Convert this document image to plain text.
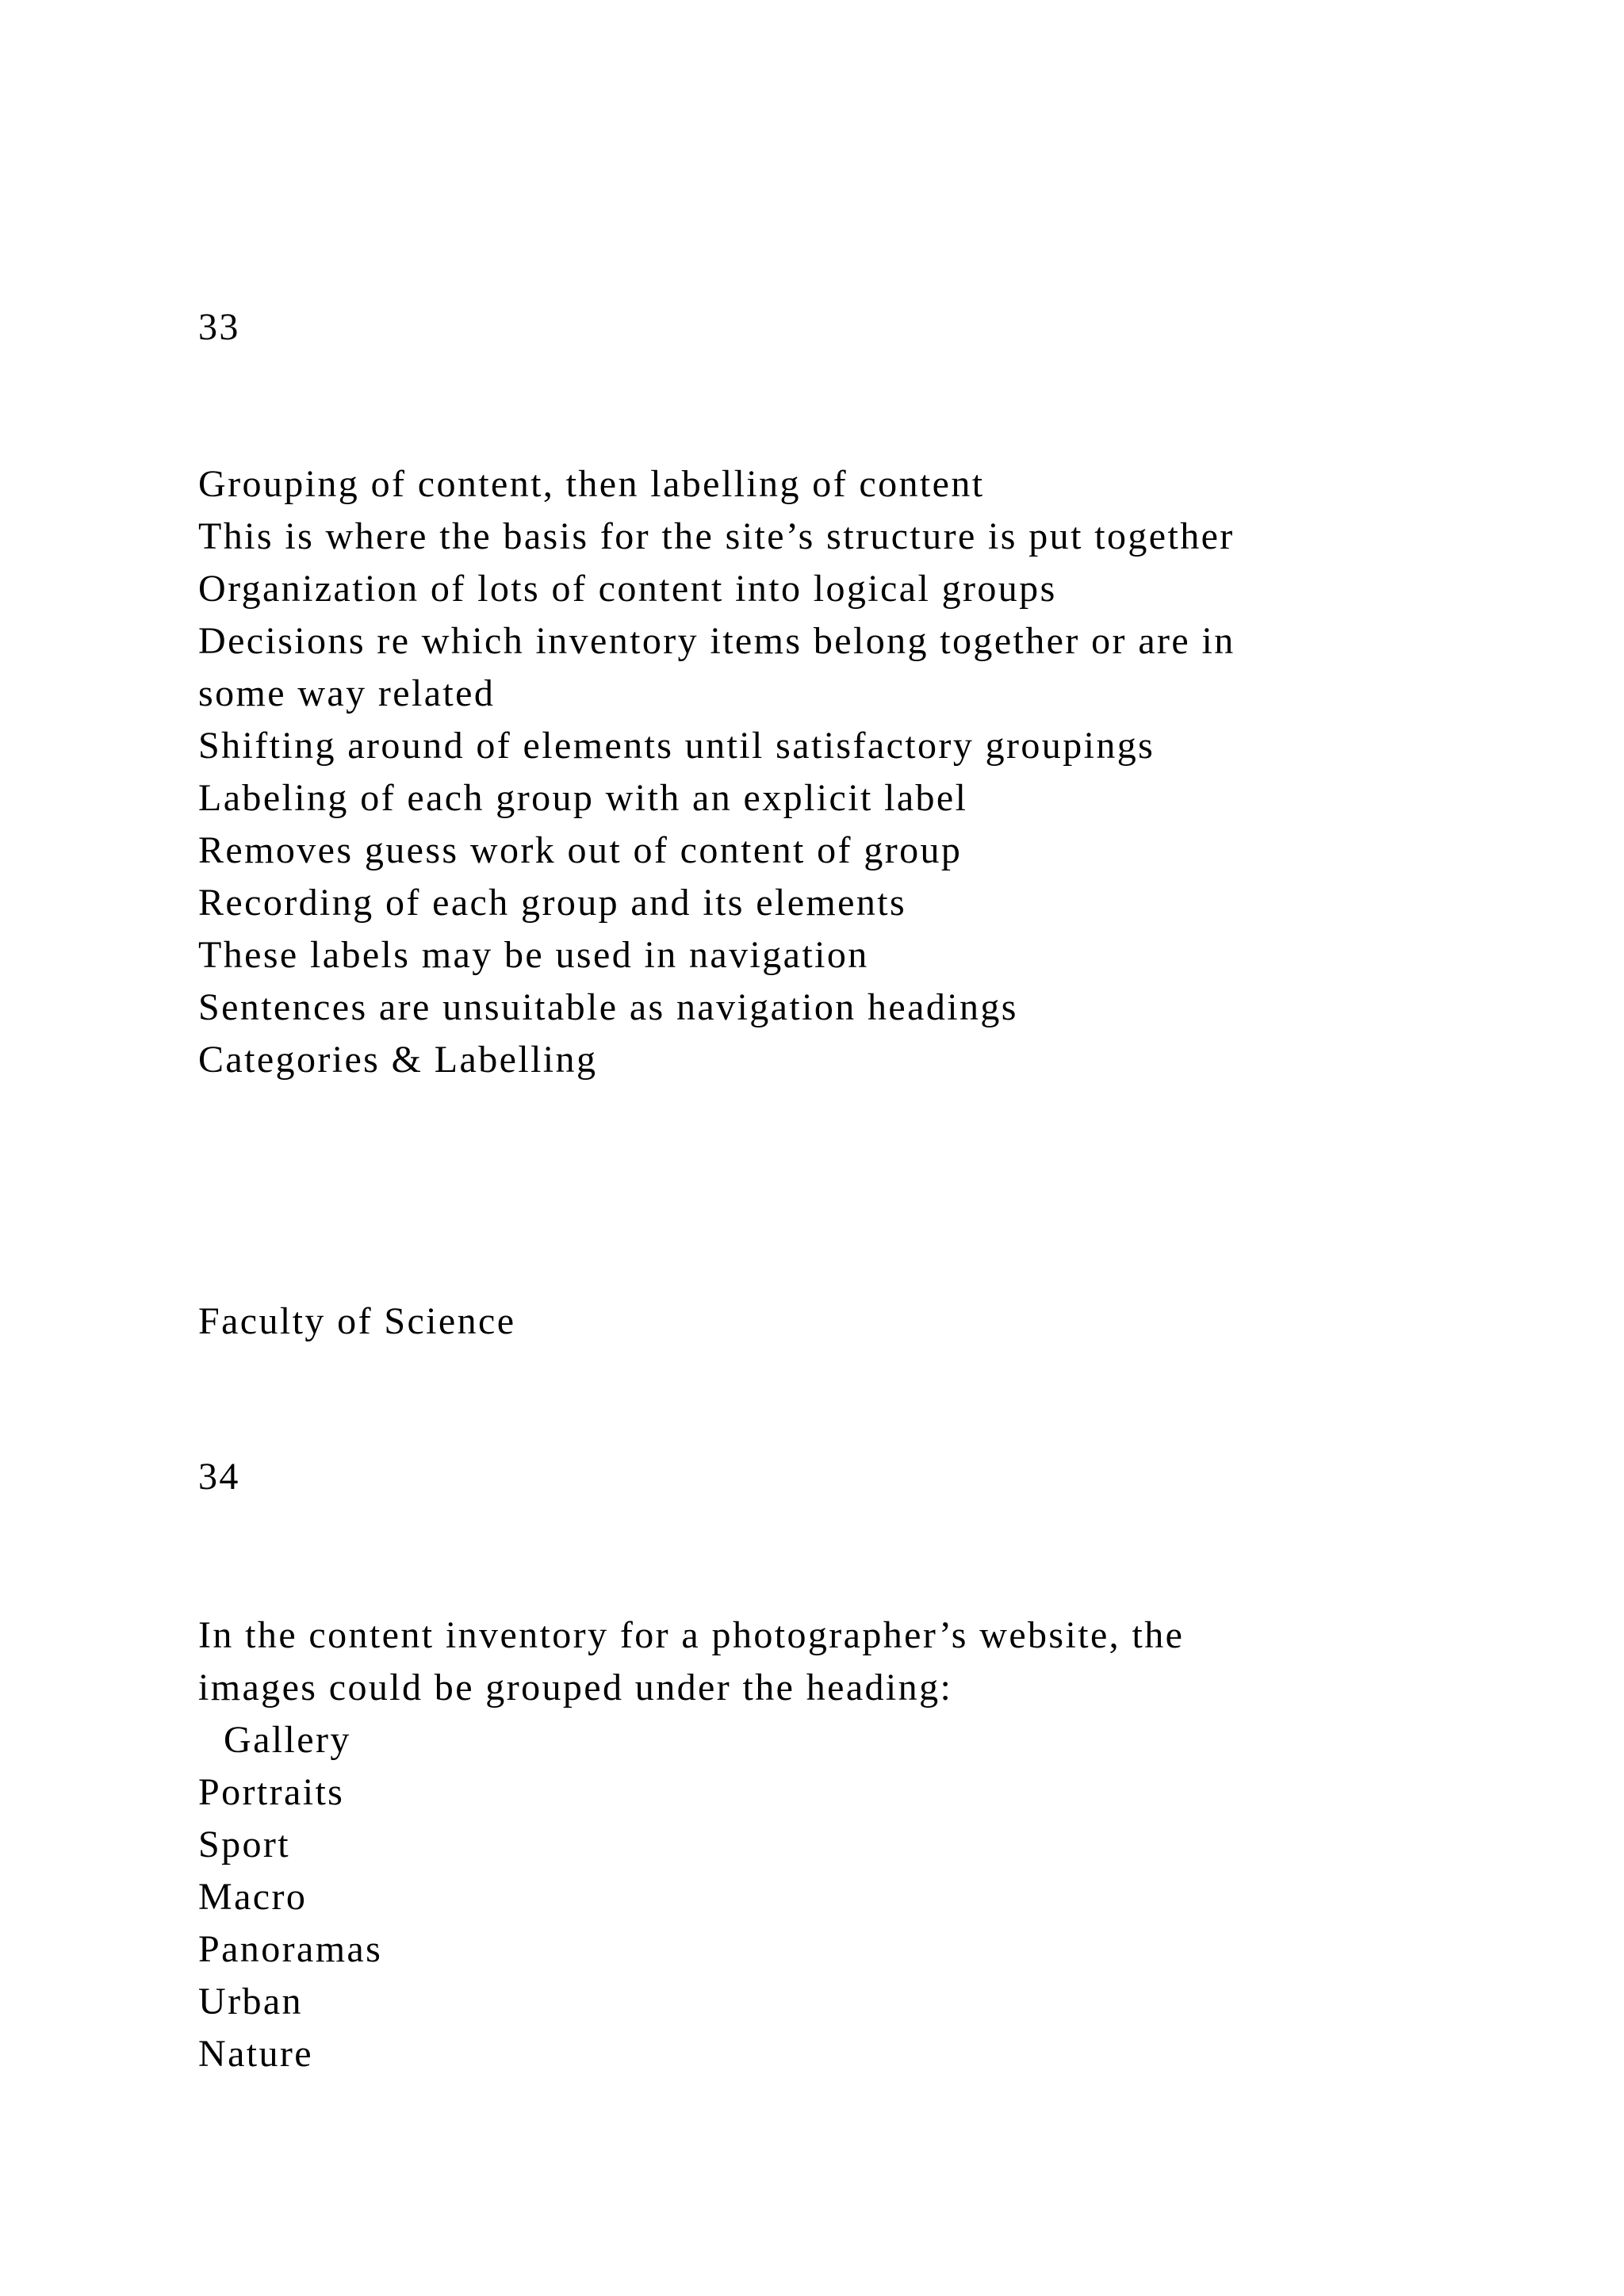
33
Grouping of content, then labelling of content
This is where the basis for the site’s structure is put together
Organization of lots of content into logical groups
Decisions re which inventory items belong together or are in
some way related
Shifting around of elements until satisfactory groupings
Labeling of each group with an explicit label
Removes guess work out of content of group
Recording of each group and its elements
These labels may be used in navigation
Sentences are unsuitable as navigation headings
Categories & Labelling
Faculty of Science
34
In the content inventory for a photographer’s website, the
images could be grouped under the heading:
Gallery
Portraits
Sport
Macro
Panoramas
Urban
Nature
